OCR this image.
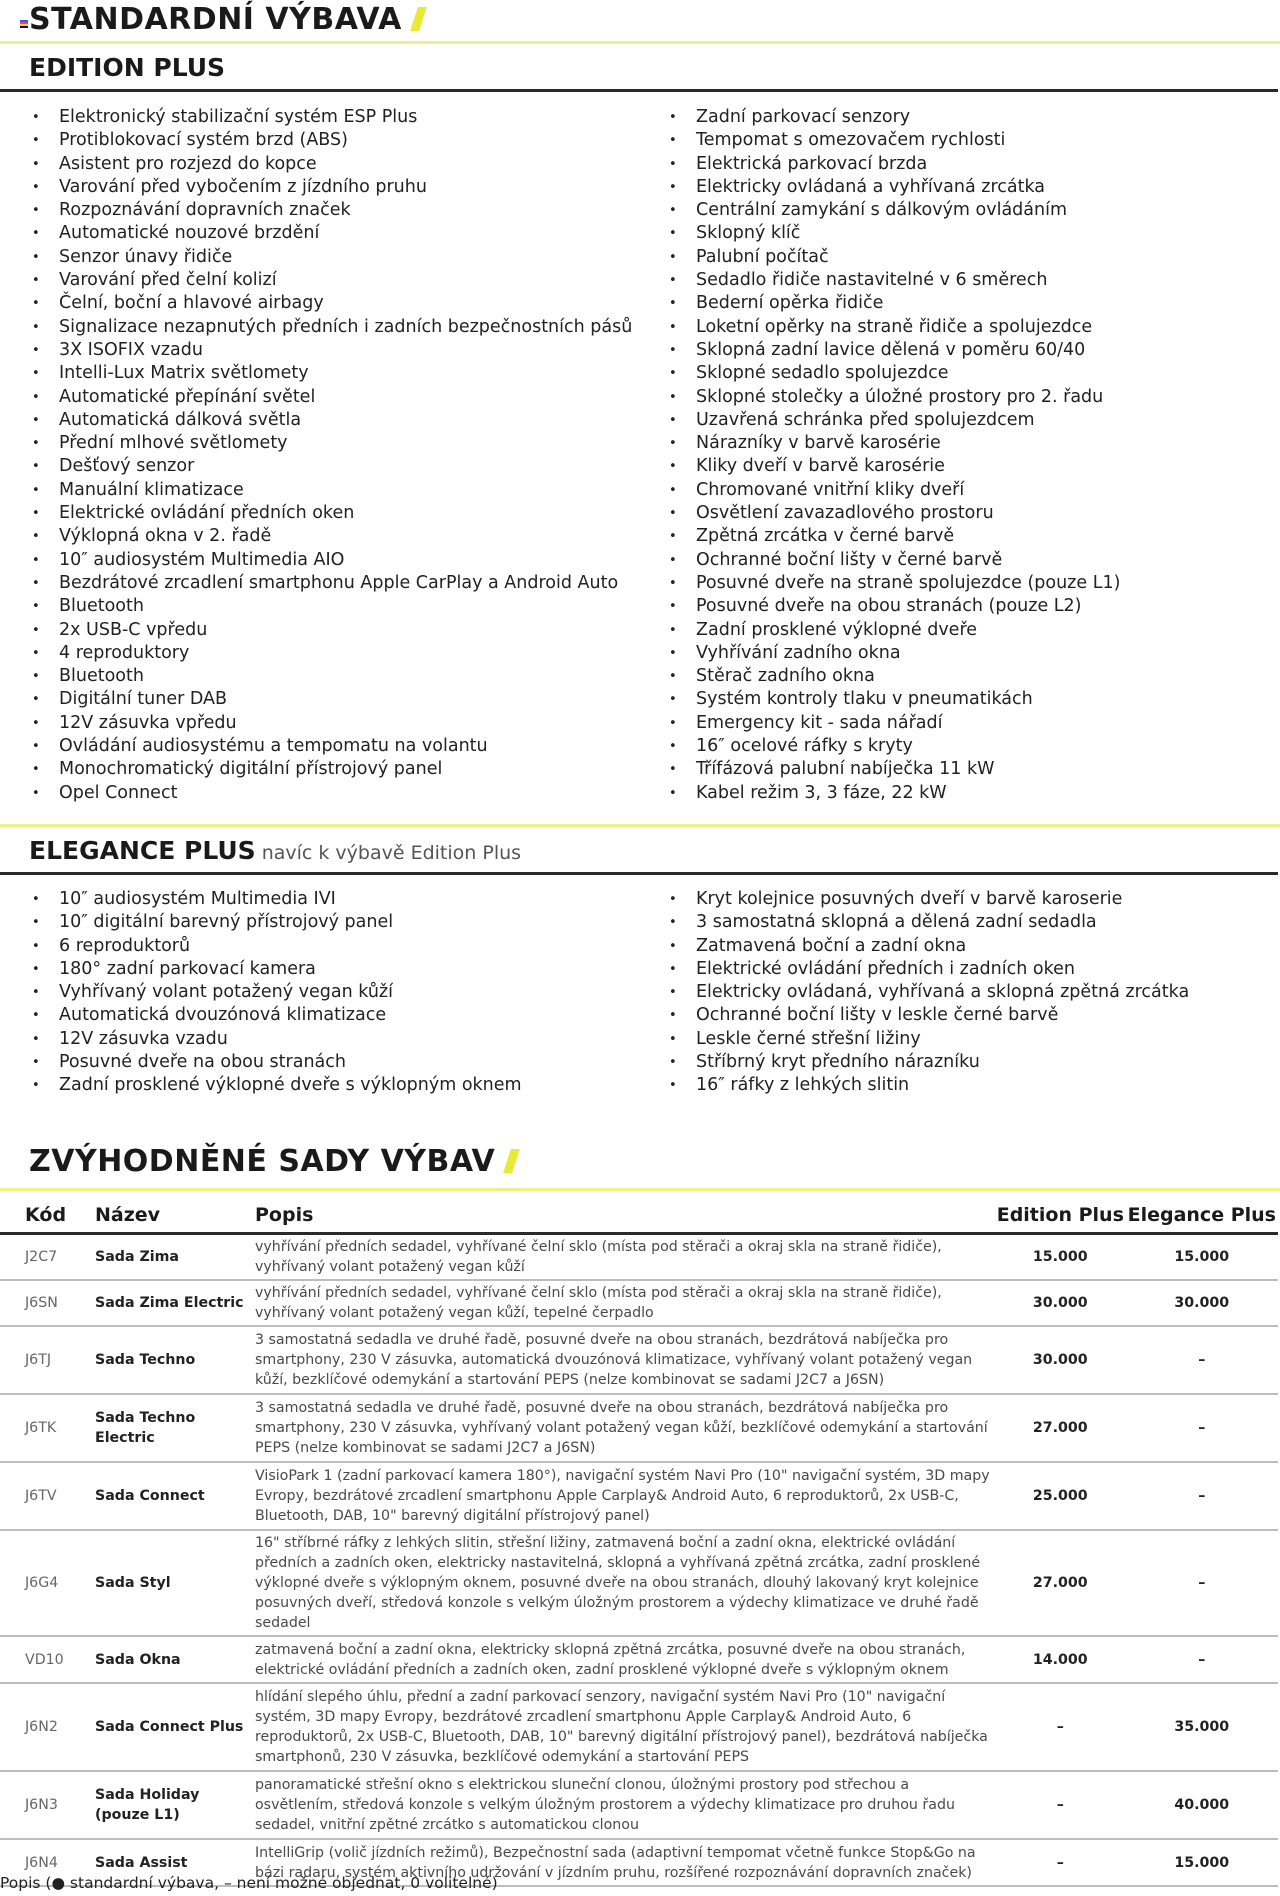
STANDARDNÍ VÝBAVA
EDITION PLUS
• Elektronický stabilizační systém ESP Plus
• Protiblokovací systém brzd (ABS)
• Asistent pro rozjezd do kopce
• Varování před vybočením z jízdního pruhu
• Rozpoznávání dopravních značek
• Automatické nouzové brzdění
• Senzor únavy řidiče
• Varování před čelní kolizí
• Čelní, boční a hlavové airbagy
• Signalizace nezapnutých předních i zadních bezpečnostních pásů
• 3X ISOFIX vzadu
• Intelli-Lux Matrix světlomety
• Automatické přepínání světel
• Automatická dálková světla
• Přední mlhové světlomety
• Dešťový senzor
• Manuální klimatizace
• Elektrické ovládání předních oken
• Výklopná okna v 2. řadě
• 10″ audiosystém Multimedia AIO
• Bezdrátové zrcadlení smartphonu Apple CarPlay a Android Auto
• Bluetooth
• 2x USB-C vpředu
• 4 reproduktory
• Bluetooth
• Digitální tuner DAB
• 12V zásuvka vpředu
• Ovládání audiosystému a tempomatu na volantu
• Monochromatický digitální přístrojový panel
• Opel Connect
• Zadní parkovací senzory
• Tempomat s omezovačem rychlosti
• Elektrická parkovací brzda
• Elektricky ovládaná a vyhřívaná zrcátka
• Centrální zamykání s dálkovým ovládáním
• Sklopný klíč
• Palubní počítač
• Sedadlo řidiče nastavitelné v 6 směrech
• Bederní opěrka řidiče
• Loketní opěrky na straně řidiče a spolujezdce
• Sklopná zadní lavice dělená v poměru 60/40
• Sklopné sedadlo spolujezdce
• Sklopné stolečky a úložné prostory pro 2. řadu
• Uzavřená schránka před spolujezdcem
• Nárazníky v barvě karosérie
• Kliky dveří v barvě karosérie
• Chromované vnitřní kliky dveří
• Osvětlení zavazadlového prostoru
• Zpětná zrcátka v černé barvě
• Ochranné boční lišty v černé barvě
• Posuvné dveře na straně spolujezdce (pouze L1)
• Posuvné dveře na obou stranách (pouze L2)
• Zadní prosklené výklopné dveře
• Vyhřívání zadního okna
• Stěrač zadního okna
• Systém kontroly tlaku v pneumatikách
• Emergency kit - sada nářadí
• 16″ ocelové ráfky s kryty
• Třífázová palubní nabíječka 11 kW
• Kabel režim 3, 3 fáze, 22 kW
ELEGANCE PLUS navíc k výbavě Edition Plus
• 10″ audiosystém Multimedia IVI
• 10″ digitální barevný přístrojový panel
• 6 reproduktorů
• 180° zadní parkovací kamera
• Vyhřívaný volant potažený vegan kůží
• Automatická dvouzónová klimatizace
• 12V zásuvka vzadu
• Posuvné dveře na obou stranách
• Zadní prosklené výklopné dveře s výklopným oknem
• Kryt kolejnice posuvných dveří v barvě karoserie
• 3 samostatná sklopná a dělená zadní sedadla
• Zatmavená boční a zadní okna
• Elektrické ovládání předních i zadních oken
• Elektricky ovládaná, vyhřívaná a sklopná zpětná zrcátka
• Ochranné boční lišty v leskle černé barvě
• Leskle černé střešní ližiny
• Stříbrný kryt předního nárazníku
• 16″ ráfky z lehkých slitin
ZVÝHODNĚNÉ SADY VÝBAV
Kód	Název	Popis	Edition Plus	Elegance Plus
J2C7	Sada Zima	vyhřívání předních sedadel, vyhřívané čelní sklo (místa pod stěrači a okraj skla na straně řidiče), vyhřívaný volant potažený vegan kůží	15.000	15.000
J6SN	Sada Zima Electric	vyhřívání předních sedadel, vyhřívané čelní sklo (místa pod stěrači a okraj skla na straně řidiče), vyhřívaný volant potažený vegan kůží, tepelné čerpadlo	30.000	30.000
J6TJ	Sada Techno	3 samostatná sedadla ve druhé řadě, posuvné dveře na obou stranách, bezdrátová nabíječka pro smartphony, 230 V zásuvka, automatická dvouzónová klimatizace, vyhřívaný volant potažený vegan kůží, bezklíčové odemykání a startování PEPS (nelze kombinovat se sadami J2C7 a J6SN)	30.000	–
J6TK	Sada Techno Electric	3 samostatná sedadla ve druhé řadě, posuvné dveře na obou stranách, bezdrátová nabíječka pro smartphony, 230 V zásuvka, vyhřívaný volant potažený vegan kůží, bezklíčové odemykání a startování PEPS (nelze kombinovat se sadami J2C7 a J6SN)	27.000	–
J6TV	Sada Connect	VisioPark 1 (zadní parkovací kamera 180°), navigační systém Navi Pro (10" navigační systém, 3D mapy Evropy, bezdrátové zrcadlení smartphonu Apple Carplay& Android Auto, 6 reproduktorů, 2x USB-C, Bluetooth, DAB, 10" barevný digitální přístrojový panel)	25.000	–
J6G4	Sada Styl	16" stříbrné ráfky z lehkých slitin, střešní ližiny, zatmavená boční a zadní okna, elektrické ovládání předních a zadních oken, elektricky nastavitelná, sklopná a vyhřívaná zpětná zrcátka, zadní prosklené výklopné dveře s výklopným oknem, posuvné dveře na obou stranách, dlouhý lakovaný kryt kolejnice posuvných dveří, středová konzole s velkým úložným prostorem a výdechy klimatizace ve druhé řadě sedadel	27.000	–
VD10	Sada Okna	zatmavená boční a zadní okna, elektricky sklopná zpětná zrcátka, posuvné dveře na obou stranách, elektrické ovládání předních a zadních oken, zadní prosklené výklopné dveře s výklopným oknem	14.000	–
J6N2	Sada Connect Plus	hlídání slepého úhlu, přední a zadní parkovací senzory, navigační systém Navi Pro (10" navigační systém, 3D mapy Evropy, bezdrátové zrcadlení smartphonu Apple Carplay& Android Auto, 6 reproduktorů, 2x USB-C, Bluetooth, DAB, 10" barevný digitální přístrojový panel), bezdrátová nabíječka smartphonů, 230 V zásuvka, bezklíčové odemykání a startování PEPS	–	35.000
J6N3	Sada Holiday (pouze L1)	panoramatické střešní okno s elektrickou sluneční clonou, úložnými prostory pod střechou a osvětlením, středová konzole s velkým úložným prostorem a výdechy klimatizace pro druhou řadu sedadel, vnitřní zpětné zrcátko s automatickou clonou	–	40.000
J6N4	Sada Assist	IntelliGrip (volič jízdních režimů), Bezpečnostní sada (adaptivní tempomat včetně funkce Stop&Go na bázi radaru, systém aktivního udržování v jízdním pruhu, rozšířené rozpoznávání dopravních značek)	–	15.000
Popis (● standardní výbava, – není možné objednat, 0 volitelné)
